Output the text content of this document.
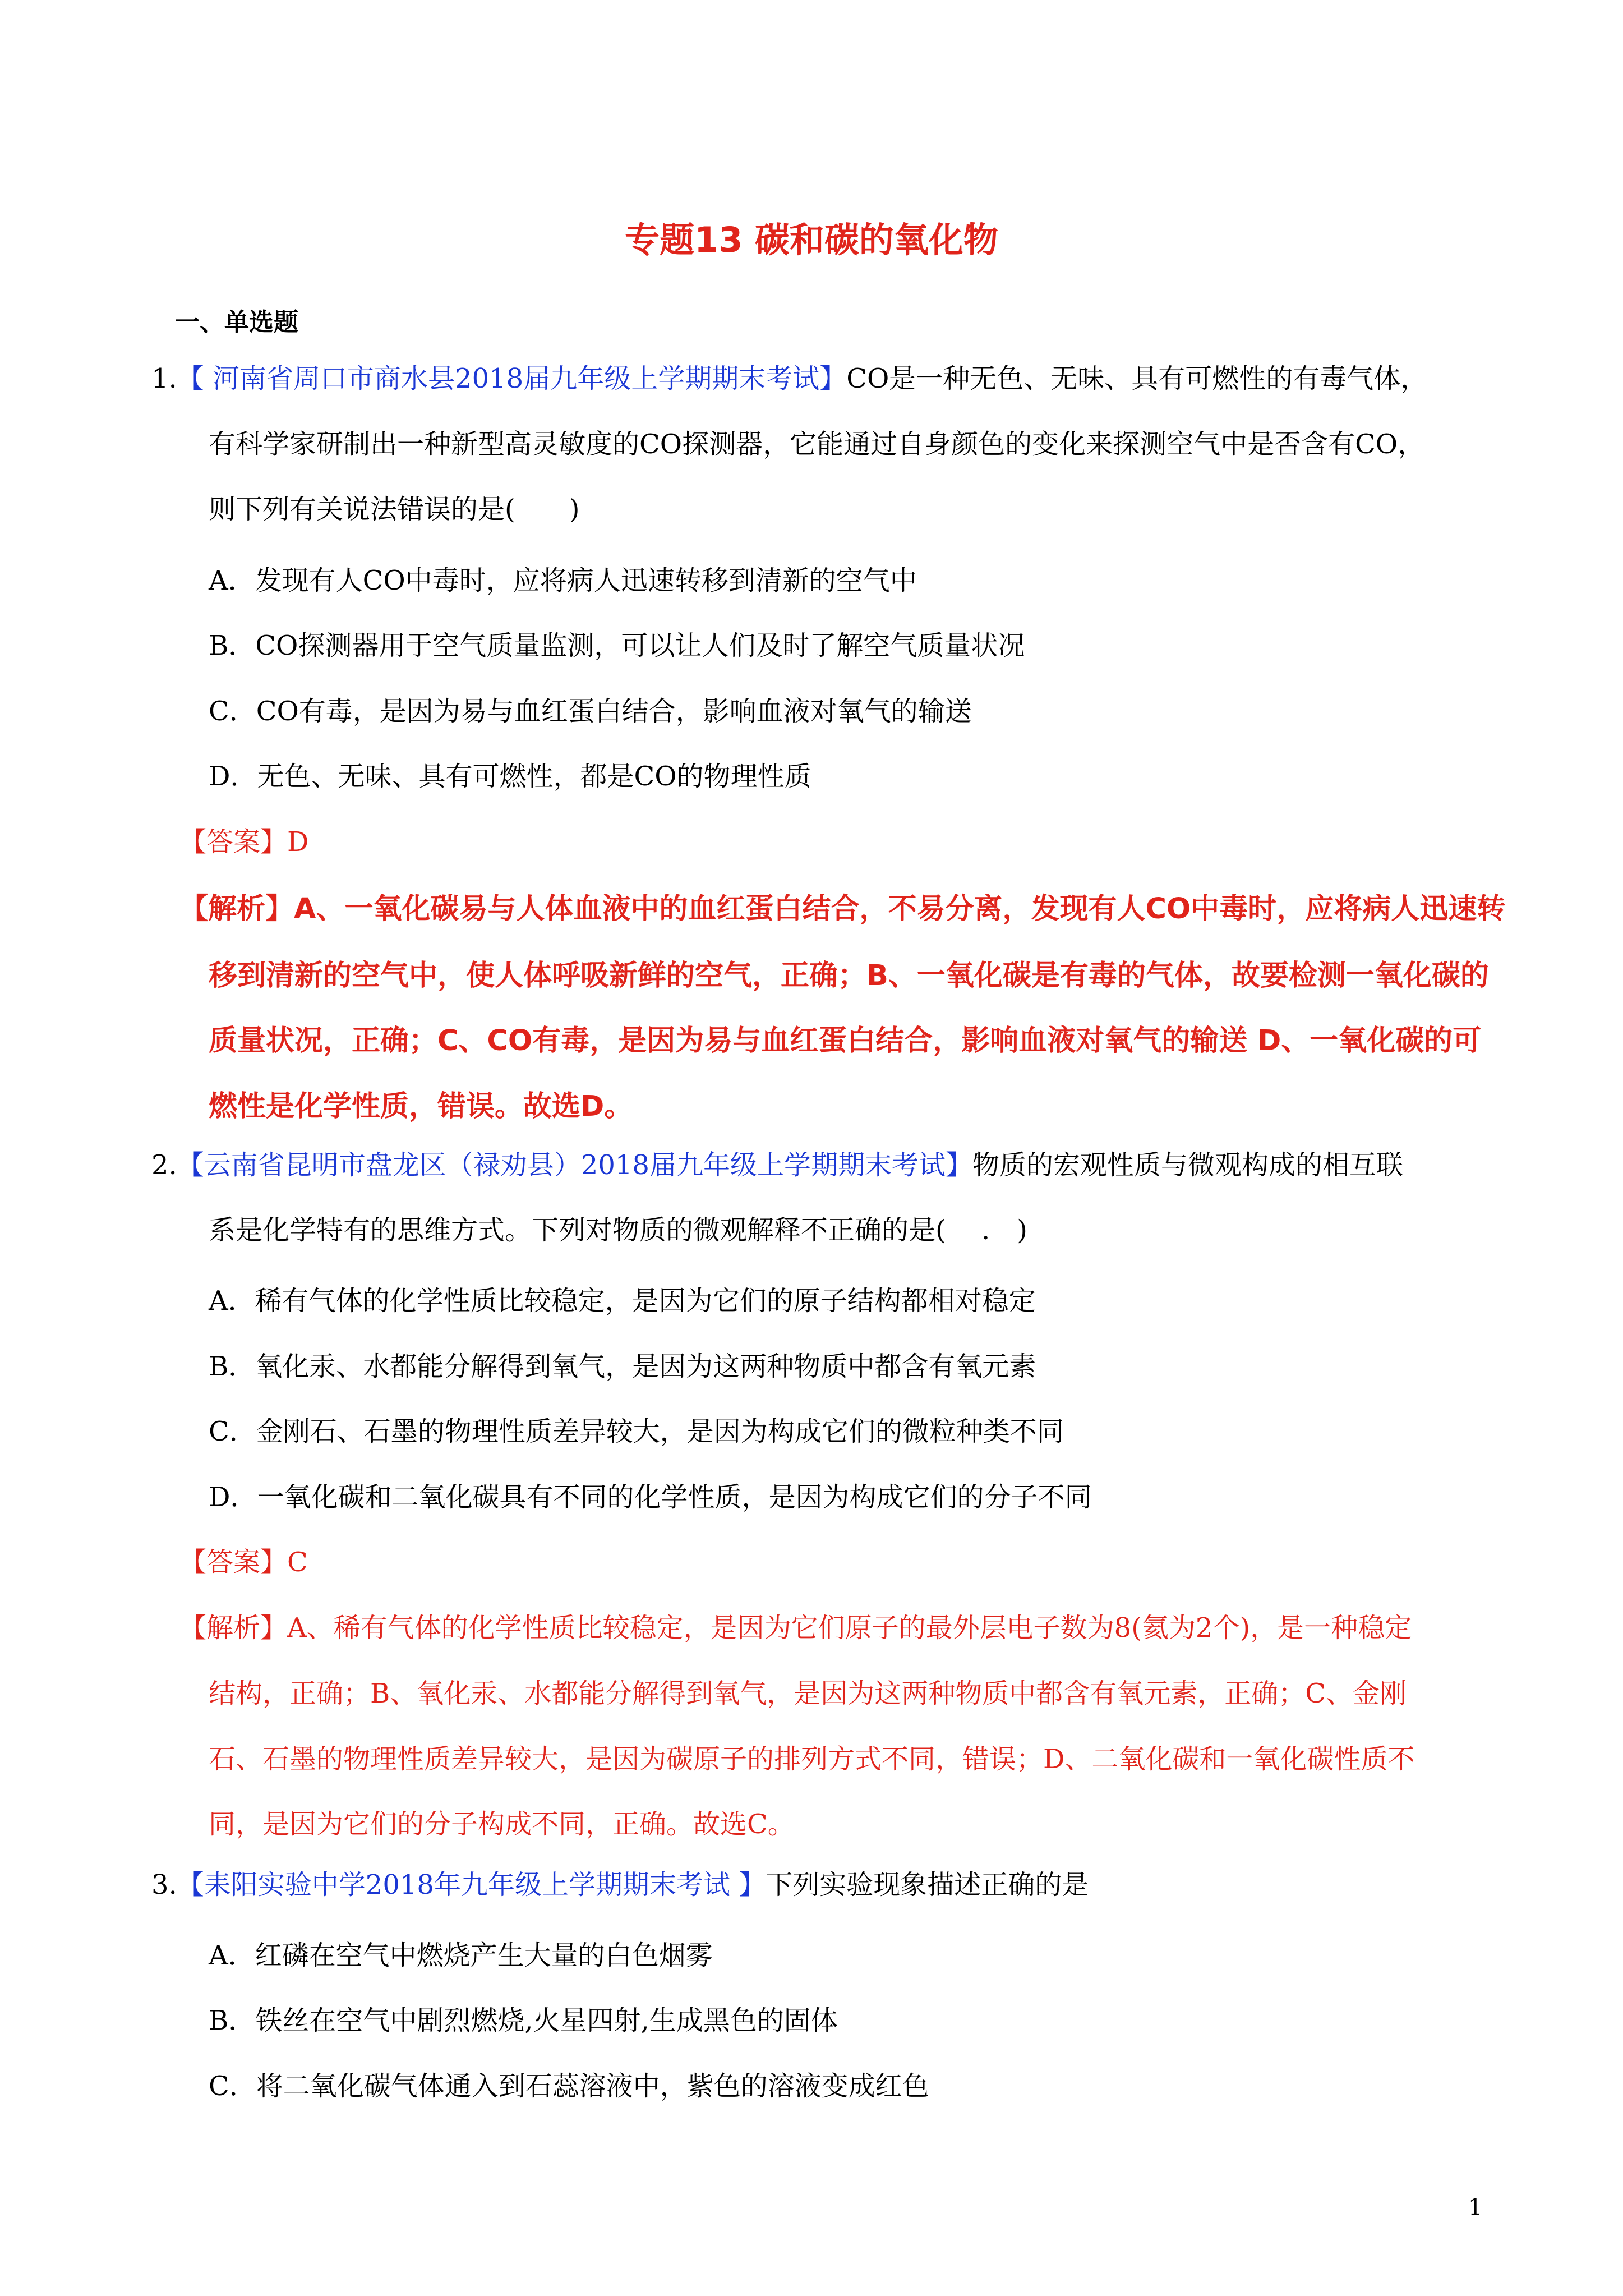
专题13 碳和碳的氧化物
一、单选题
1.【 河南省周口市商水县2018届九年级上学期期末考试】CO是一种无色、无味、具有可燃性的有毒气体，
有科学家研制出一种新型高灵敏度的CO探测器，它能通过自身颜色的变化来探测空气中是否含有CO，
则下列有关说法错误的是(　　)
A．发现有人CO中毒时，应将病人迅速转移到清新的空气中
B．CO探测器用于空气质量监测，可以让人们及时了解空气质量状况
C．CO有毒，是因为易与血红蛋白结合，影响血液对氧气的输送
D．无色、无味、具有可燃性，都是CO的物理性质
【答案】D
【解析】A、一氧化碳易与人体血液中的血红蛋白结合，不易分离，发现有人CO中毒时，应将病人迅速转
移到清新的空气中，使人体呼吸新鲜的空气，正确；B、一氧化碳是有毒的气体，故要检测一氧化碳的
质量状况，正确；C、CO有毒，是因为易与血红蛋白结合，影响血液对氧气的输送 D、一氧化碳的可
燃性是化学性质，错误。故选D。
2.【云南省昆明市盘龙区（禄劝县）2018届九年级上学期期末考试】物质的宏观性质与微观构成的相互联
系是化学特有的思维方式。下列对物质的微观解释不正确的是(　 .　)
A．稀有气体的化学性质比较稳定，是因为它们的原子结构都相对稳定
B．氧化汞、水都能分解得到氧气，是因为这两种物质中都含有氧元素
C．金刚石、石墨的物理性质差异较大，是因为构成它们的微粒种类不同
D．一氧化碳和二氧化碳具有不同的化学性质，是因为构成它们的分子不同
【答案】C
【解析】A、稀有气体的化学性质比较稳定，是因为它们原子的最外层电子数为8(氦为2个)，是一种稳定
结构，正确；B、氧化汞、水都能分解得到氧气，是因为这两种物质中都含有氧元素，正确；C、金刚
石、石墨的物理性质差异较大，是因为碳原子的排列方式不同，错误；D、二氧化碳和一氧化碳性质不
同，是因为它们的分子构成不同，正确。故选C。
3.【耒阳实验中学2018年九年级上学期期末考试 】下列实验现象描述正确的是
A．红磷在空气中燃烧产生大量的白色烟雾
B．铁丝在空气中剧烈燃烧,火星四射,生成黑色的固体
C．将二氧化碳气体通入到石蕊溶液中，紫色的溶液变成红色
1
